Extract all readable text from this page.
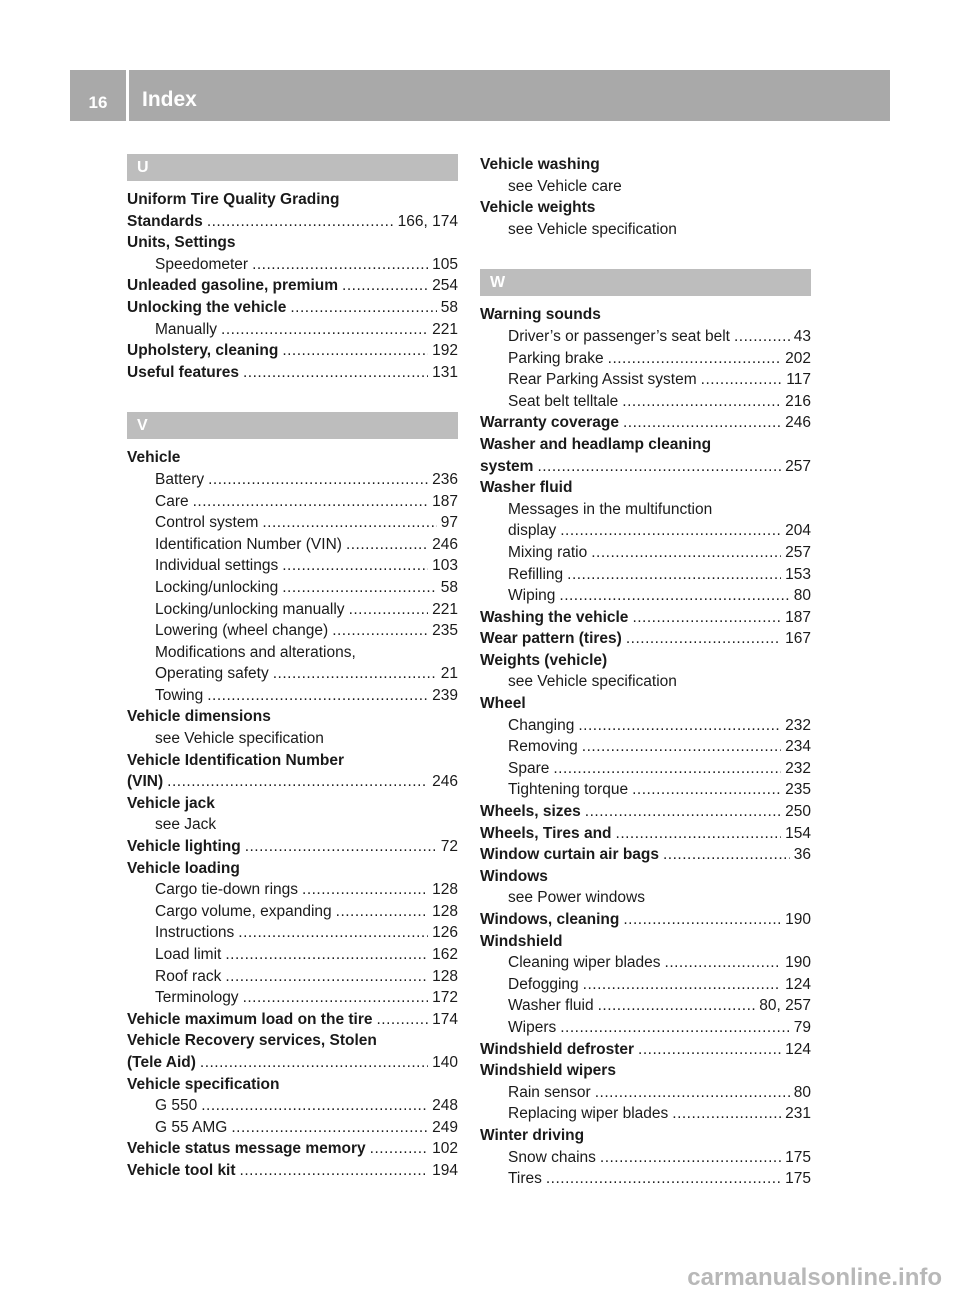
16	Index
U
Uniform Tire Quality Grading
Standards .....	166, 174
Units, Settings
Speedometer .....	105
Unleaded gasoline, premium .....	254
Unlocking the vehicle .....	58
Manually .....	221
Upholstery, cleaning .....	192
Useful features .....	131
V
Vehicle
Battery .....	236
Care .....	187
Control system .....	97
Identification Number (VIN) .....	246
Individual settings .....	103
Locking/unlocking .....	58
Locking/unlocking manually .....	221
Lowering (wheel change) .....	235
Modifications and alterations,
Operating safety .....	21
Towing .....	239
Vehicle dimensions
see Vehicle specification
Vehicle Identification Number
(VIN) .....	246
Vehicle jack
see Jack
Vehicle lighting .....	72
Vehicle loading
Cargo tie-down rings .....	128
Cargo volume, expanding .....	128
Instructions .....	126
Load limit .....	162
Roof rack .....	128
Terminology .....	172
Vehicle maximum load on the tire .....	174
Vehicle Recovery services, Stolen
(Tele Aid) .....	140
Vehicle specification
G 550 .....	248
G 55 AMG .....	249
Vehicle status message memory .....	102
Vehicle tool kit .....	194
Vehicle washing
see Vehicle care
Vehicle weights
see Vehicle specification
W
Warning sounds
Driver’s or passenger’s seat belt .....	43
Parking brake .....	202
Rear Parking Assist system .....	117
Seat belt telltale .....	216
Warranty coverage .....	246
Washer and headlamp cleaning
system .....	257
Washer fluid
Messages in the multifunction
display .....	204
Mixing ratio .....	257
Refilling .....	153
Wiping .....	80
Washing the vehicle .....	187
Wear pattern (tires) .....	167
Weights (vehicle)
see Vehicle specification
Wheel
Changing .....	232
Removing .....	234
Spare .....	232
Tightening torque .....	235
Wheels, sizes .....	250
Wheels, Tires and .....	154
Window curtain air bags .....	36
Windows
see Power windows
Windows, cleaning .....	190
Windshield
Cleaning wiper blades .....	190
Defogging .....	124
Washer fluid .....	80, 257
Wipers .....	79
Windshield defroster .....	124
Windshield wipers
Rain sensor .....	80
Replacing wiper blades .....	231
Winter driving
Snow chains .....	175
Tires .....	175
carmanualsonline.info
